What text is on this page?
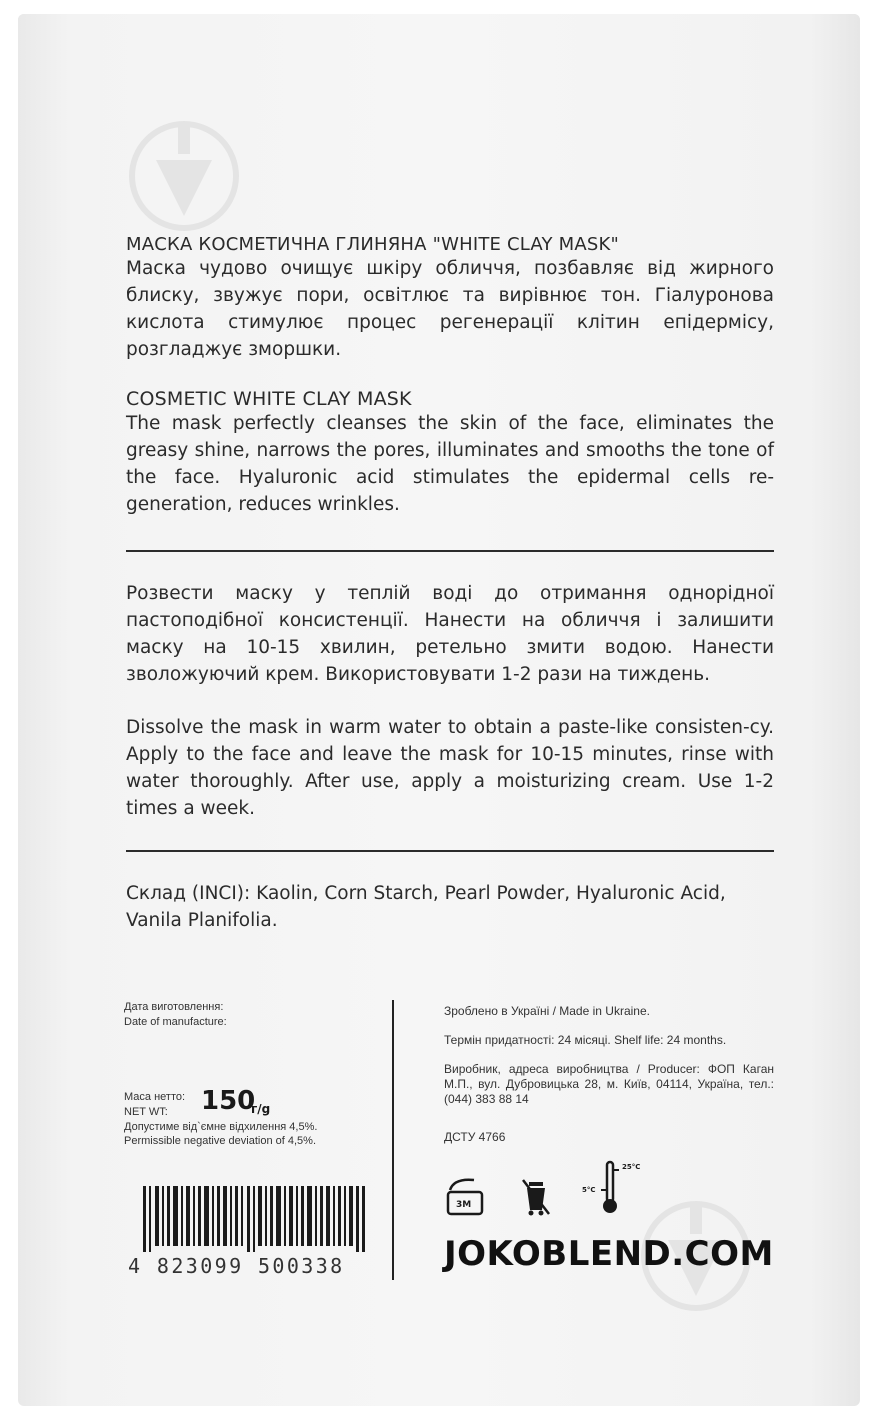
МАСКА КОСМЕТИЧНА ГЛИНЯНА "WHITE CLAY MASK"

Маска чудово очищує шкіру обличчя, позбавляє від жирного блиску, звужує пори, освітлює та вирівнює тон. Гіалуронова кислота стимулює процес регенерації клітин епідермісу, розгладжує зморшки.

COSMETIC WHITE CLAY MASK

The mask perfectly cleanses the skin of the face, eliminates the greasy shine, narrows the pores, illuminates and smooths the tone of the face. Hyaluronic acid stimulates the epidermal cells re-generation, reduces wrinkles.

Розвести маску у теплій воді до отримання однорідної пастоподібної консистенції. Нанести на обличчя і залишити маску на 10-15 хвилин, ретельно змити водою. Нанести зволожуючий крем. Використовувати 1-2 рази на тиждень.

Dissolve the mask in warm water to obtain a paste-like consisten-cy. Apply to the face and leave the mask for 10-15 minutes, rinse with water thoroughly. After use, apply a moisturizing cream. Use 1-2 times a week.

Склад (INCI): Kaolin, Corn Starch, Pearl Powder, Hyaluronic Acid, Vanila Planifolia.

Дата виготовлення:
Date of manufacture:
Маса нетто:
NET WT: 150
г/g
Допустиме від`ємне відхилення 4,5%.
Permissible negative deviation of 4,5%.
4 823099 500338
Зроблено в Україні / Made in Ukraine.
Термін придатності: 24 місяці. Shelf life: 24 months.
Виробник, адреса виробництва / Producer: ФОП Каган М.П., вул. Дубровицька 28, м. Київ, 04114, Україна, тел.: (044) 383 88 14
ДСТУ 4766
3M
25°C
5°C
JOKOBLEND.COM
